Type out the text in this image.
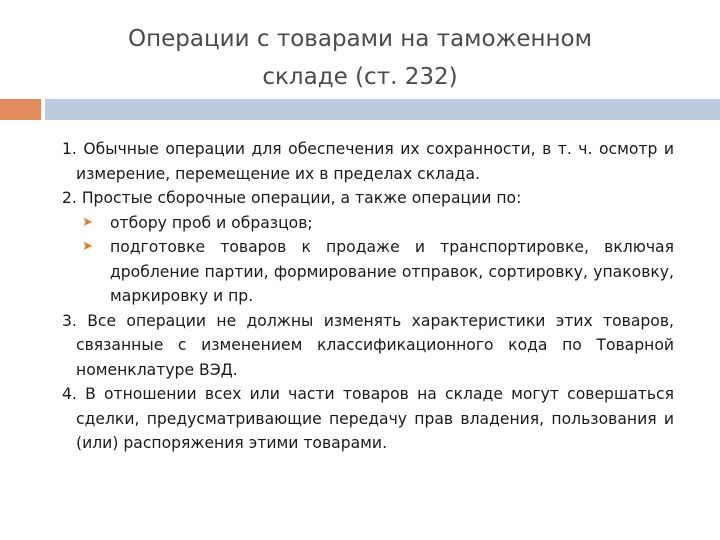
Операции с товарами на таможенном
складе (ст. 232)

1. Обычные операции для обеспечения их сохранности, в т. ч. осмотр и измерение, перемещение их в пределах склада.

2. Простые сборочные операции, а также операции по:

➤ отбору проб и образцов;
➤ подготовке товаров к продаже и транспортировке, включая дробление партии, формирование отправок, сортировку, упаковку, маркировку и пр.

3. Все операции не должны изменять характеристики этих товаров, связанные с изменением классификационного кода по Товарной номенклатуре ВЭД.

4. В отношении всех или части товаров на складе могут совершаться сделки, предусматривающие передачу прав владения, пользования и (или) распоряжения этими товарами.
